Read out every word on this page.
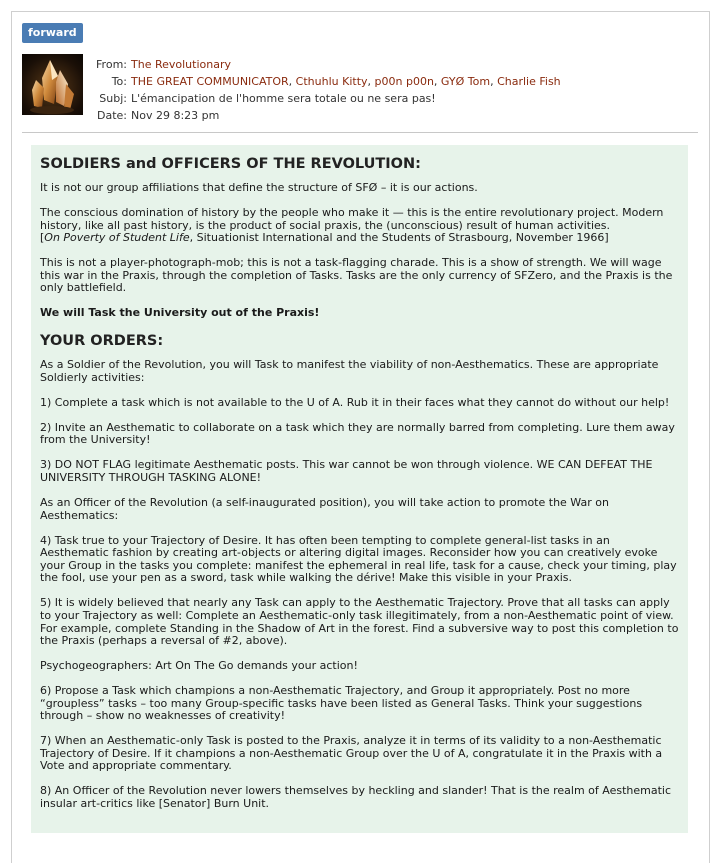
forward
From: The Revolutionary
To: THE GREAT COMMUNICATOR, Cthuhlu Kitty, p00n p00n, GYØ Tom, Charlie Fish
Subj: L'émancipation de l'homme sera totale ou ne sera pas!
Date: Nov 29 8:23 pm
SOLDIERS and OFFICERS OF THE REVOLUTION:

It is not our group affiliations that define the structure of SFØ – it is our actions.

The conscious domination of history by the people who make it — this is the entire revolutionary project. Modern history, like all past history, is the product of social praxis, the (unconscious) result of human activities.
[On Poverty of Student Life, Situationist International and the Students of Strasbourg, November 1966]

This is not a player-photograph-mob; this is not a task-flagging charade. This is a show of strength. We will wage this war in the Praxis, through the completion of Tasks. Tasks are the only currency of SFZero, and the Praxis is the only battlefield.

We will Task the University out of the Praxis!

YOUR ORDERS:

As a Soldier of the Revolution, you will Task to manifest the viability of non-Aesthematics. These are appropriate Soldierly activities:

1) Complete a task which is not available to the U of A. Rub it in their faces what they cannot do without our help!

2) Invite an Aesthematic to collaborate on a task which they are normally barred from completing. Lure them away from the University!

3) DO NOT FLAG legitimate Aesthematic posts. This war cannot be won through violence. WE CAN DEFEAT THE UNIVERSITY THROUGH TASKING ALONE!

As an Officer of the Revolution (a self-inaugurated position), you will take action to promote the War on Aesthematics:

4) Task true to your Trajectory of Desire. It has often been tempting to complete general-list tasks in an Aesthematic fashion by creating art-objects or altering digital images. Reconsider how you can creatively evoke your Group in the tasks you complete: manifest the ephemeral in real life, task for a cause, check your timing, play the fool, use your pen as a sword, task while walking the dérive! Make this visible in your Praxis.

5) It is widely believed that nearly any Task can apply to the Aesthematic Trajectory. Prove that all tasks can apply to your Trajectory as well: Complete an Aesthematic-only task illegitimately, from a non-Aesthematic point of view. For example, complete Standing in the Shadow of Art in the forest. Find a subversive way to post this completion to the Praxis (perhaps a reversal of #2, above).

Psychogeographers: Art On The Go demands your action!

6) Propose a Task which champions a non-Aesthematic Trajectory, and Group it appropriately. Post no more “groupless” tasks – too many Group-specific tasks have been listed as General Tasks. Think your suggestions through – show no weaknesses of creativity!

7) When an Aesthematic-only Task is posted to the Praxis, analyze it in terms of its validity to a non-Aesthematic Trajectory of Desire. If it champions a non-Aesthematic Group over the U of A, congratulate it in the Praxis with a Vote and appropriate commentary.

8) An Officer of the Revolution never lowers themselves by heckling and slander! That is the realm of Aesthematic insular art-critics like [Senator] Burn Unit.
